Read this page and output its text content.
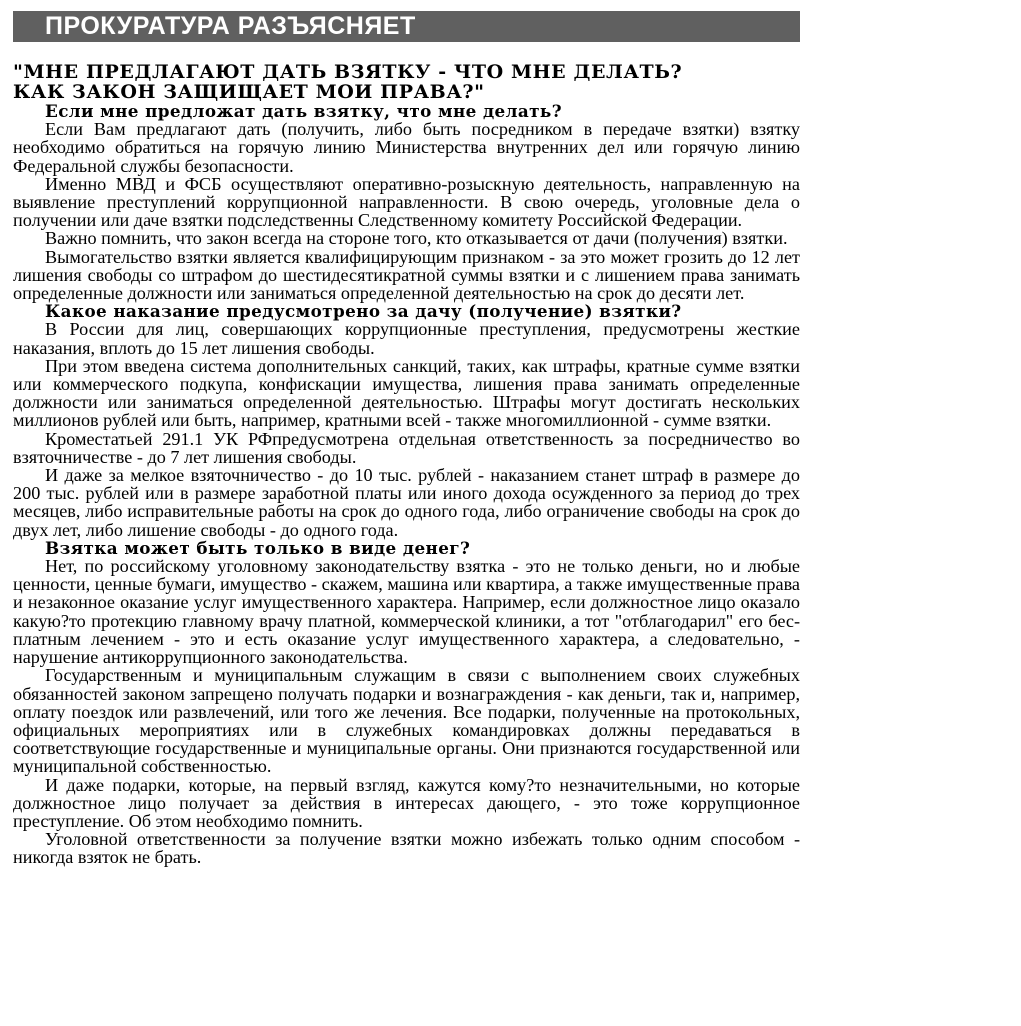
ПРОКУРАТУРА РАЗЪЯСНЯЕТ
"МНЕ ПРЕДЛАГАЮТ ДАТЬ ВЗЯТКУ - ЧТО МНЕ ДЕЛАТЬ?
КАК ЗАКОН ЗАЩИЩАЕТ МОИ ПРАВА?"
Если мне предложат дать взятку, что мне делать?

Если Вам предлагают дать (получить, либо быть посредником в передаче взятки) взятку необходимо обратиться на горячую линию Министерства внутренних дел или горячую линию Федеральной службы безопасности.

Именно МВД и ФСБ осуществляют оперативно-розыскную деятельность, направленную на выявление преступлений коррупционной направленности. В свою очередь, уголовные дела о получении или даче взятки подследственны Следственному комитету Российской Федерации.

Важно помнить, что закон всегда на стороне того, кто отказывается от дачи (получения) взятки.

Вымогательство взятки является квалифицирующим признаком - за это может грозить до 12 лет лишения свободы со штрафом до шестидесятикратной суммы взятки и с лишением права занимать определенные должности или заниматься определенной деятельностью на срок до десяти лет.

Какое наказание предусмотрено за дачу (получение) взятки?

В России для лиц, совершающих коррупционные преступления, предусмотрены жесткие наказания, вплоть до 15 лет лишения свободы.

При этом введена система дополнительных санкций, таких, как штрафы, кратные сумме взятки или коммерческого подкупа, конфискации имущества, лишения права занимать определенные должности или заниматься определенной деятельностью. Штрафы могут достигать нескольких миллионов рублей или быть, например, кратными всей - также многомиллионной - сумме взятки.

Кромеcтатьей 291.1 УК РФпредусмотрена отдельная ответственность за посредничество во взяточничестве - до 7 лет лишения свободы.

И даже за мелкое взяточничество - до 10 тыс. рублей - наказанием станет штраф в размере до 200 тыс. рублей или в размере заработной платы или иного дохода осужденного за период до трех месяцев, либо исправительные работы на срок до одного года, либо ограничение свободы на срок до двух лет, либо лишение свободы - до одного года.

Взятка может быть только в виде денег?

Нет, по российскому уголовному законодательству взятка - это не только деньги, но и любые ценности, ценные бумаги, имущество - скажем, машина или квартира, а также имущественные права и незаконное оказание услуг имущественного характера. Например, если должностное лицо оказало какую?то протекцию главному врачу платной, коммерческой клиники, а тот "отблагодарил" его бесплатным лечением - это и есть оказание услуг имущественного характера, а следовательно, - нарушение антикоррупционного законодательства.

Государственным и муниципальным служащим в связи с выполнением своих служебных обязанностей законом запрещено получать подарки и вознаграждения - как деньги, так и, например, оплату поездок или развлечений, или того же лечения. Все подарки, полученные на протокольных, официальных мероприятиях или в служебных командировках должны передаваться в соответствующие государственные и муниципальные органы. Они признаются государственной или муниципальной собственностью.

И даже подарки, которые, на первый взгляд, кажутся кому?то незначительными, но которые должностное лицо получает за действия в интересах дающего, - это тоже коррупционное преступление. Об этом необходимо помнить.

Уголовной ответственности за получение взятки можно избежать только одним способом - никогда взяток не брать.
